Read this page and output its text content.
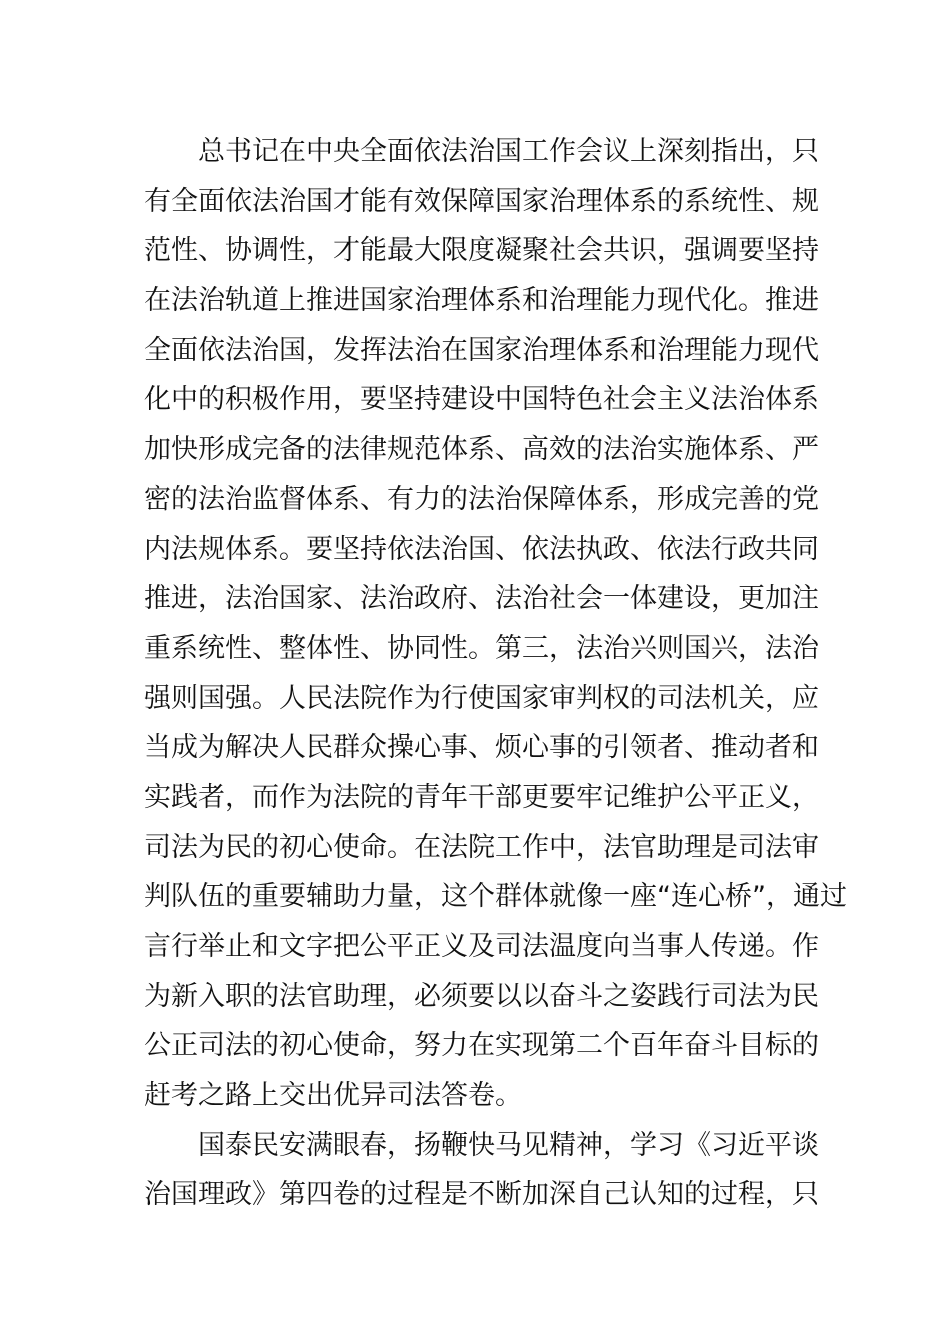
总书记在中央全面依法治国工作会议上深刻指出，只
有全面依法治国才能有效保障国家治理体系的系统性、规
范性、协调性，才能最大限度凝聚社会共识，强调要坚持
在法治轨道上推进国家治理体系和治理能力现代化。推进
全面依法治国，发挥法治在国家治理体系和治理能力现代
化中的积极作用，要坚持建设中国特色社会主义法治体系
加快形成完备的法律规范体系、高效的法治实施体系、严
密的法治监督体系、有力的法治保障体系，形成完善的党
内法规体系。要坚持依法治国、依法执政、依法行政共同
推进，法治国家、法治政府、法治社会一体建设，更加注
重系统性、整体性、协同性。第三，法治兴则国兴，法治
强则国强。人民法院作为行使国家审判权的司法机关，应
当成为解决人民群众操心事、烦心事的引领者、推动者和
实践者，而作为法院的青年干部更要牢记维护公平正义，
司法为民的初心使命。在法院工作中，法官助理是司法审
判队伍的重要辅助力量，这个群体就像一座“连心桥”，通过
言行举止和文字把公平正义及司法温度向当事人传递。作
为新入职的法官助理，必须要以以奋斗之姿践行司法为民
公正司法的初心使命，努力在实现第二个百年奋斗目标的
赶考之路上交出优异司法答卷。
国泰民安满眼春，扬鞭快马见精神，学习《习近平谈
治国理政》第四卷的过程是不断加深自己认知的过程，只
